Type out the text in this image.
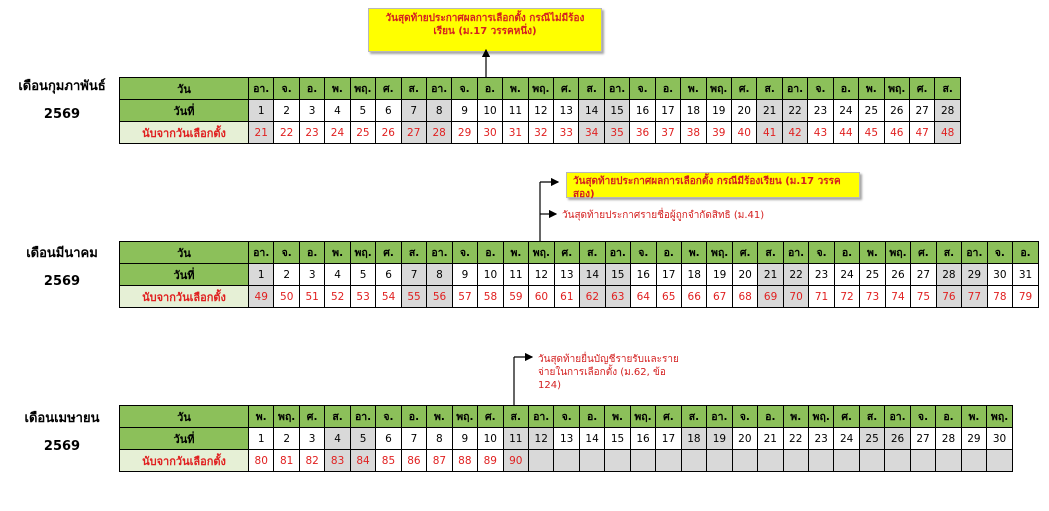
เดือนกุมภาพันธ์
2569
วัน	อา.	จ.	อ.	พ.	พฤ.	ศ.	ส.	อา.	จ.	อ.	พ.	พฤ.	ศ.	ส.	อา.	จ.	อ.	พ.	พฤ.	ศ.	ส.	อา.	จ.	อ.	พ.	พฤ.	ศ.	ส.
วันที่	1	2	3	4	5	6	7	8	9	10	11	12	13	14	15	16	17	18	19	20	21	22	23	24	25	26	27	28
นับจากวันเลือกตั้ง	21	22	23	24	25	26	27	28	29	30	31	32	33	34	35	36	37	38	39	40	41	42	43	44	45	46	47	48
เดือนมีนาคม
2569
วัน	อา.	จ.	อ.	พ.	พฤ.	ศ.	ส.	อา.	จ.	อ.	พ.	พฤ.	ศ.	ส.	อา.	จ.	อ.	พ.	พฤ.	ศ.	ส.	อา.	จ.	อ.	พ.	พฤ.	ศ.	ส.	อา.	จ.	อ.
วันที่	1	2	3	4	5	6	7	8	9	10	11	12	13	14	15	16	17	18	19	20	21	22	23	24	25	26	27	28	29	30	31
นับจากวันเลือกตั้ง	49	50	51	52	53	54	55	56	57	58	59	60	61	62	63	64	65	66	67	68	69	70	71	72	73	74	75	76	77	78	79
เดือนเมษายน
2569
วัน	พ.	พฤ.	ศ.	ส.	อา.	จ.	อ.	พ.	พฤ.	ศ.	ส.	อา.	จ.	อ.	พ.	พฤ.	ศ.	ส.	อา.	จ.	อ.	พ.	พฤ.	ศ.	ส.	อา.	จ.	อ.	พ.	พฤ.
วันที่	1	2	3	4	5	6	7	8	9	10	11	12	13	14	15	16	17	18	19	20	21	22	23	24	25	26	27	28	29	30
นับจากวันเลือกตั้ง	80	81	82	83	84	85	86	87	88	89	90																			
วันสุดท้ายประกาศผลการเลือกตั้ง กรณีไม่มีร้องเรียน (ม.17 วรรคหนึ่ง)
วันสุดท้ายประกาศผลการเลือกตั้ง กรณีมีร้องเรียน (ม.17 วรรคสอง)
วันสุดท้ายประกาศรายชื่อผู้ถูกจำกัดสิทธิ (ม.41)
วันสุดท้ายยื่นบัญชีรายรับและรายจ่ายในการเลือกตั้ง (ม.62, ข้อ 124)
